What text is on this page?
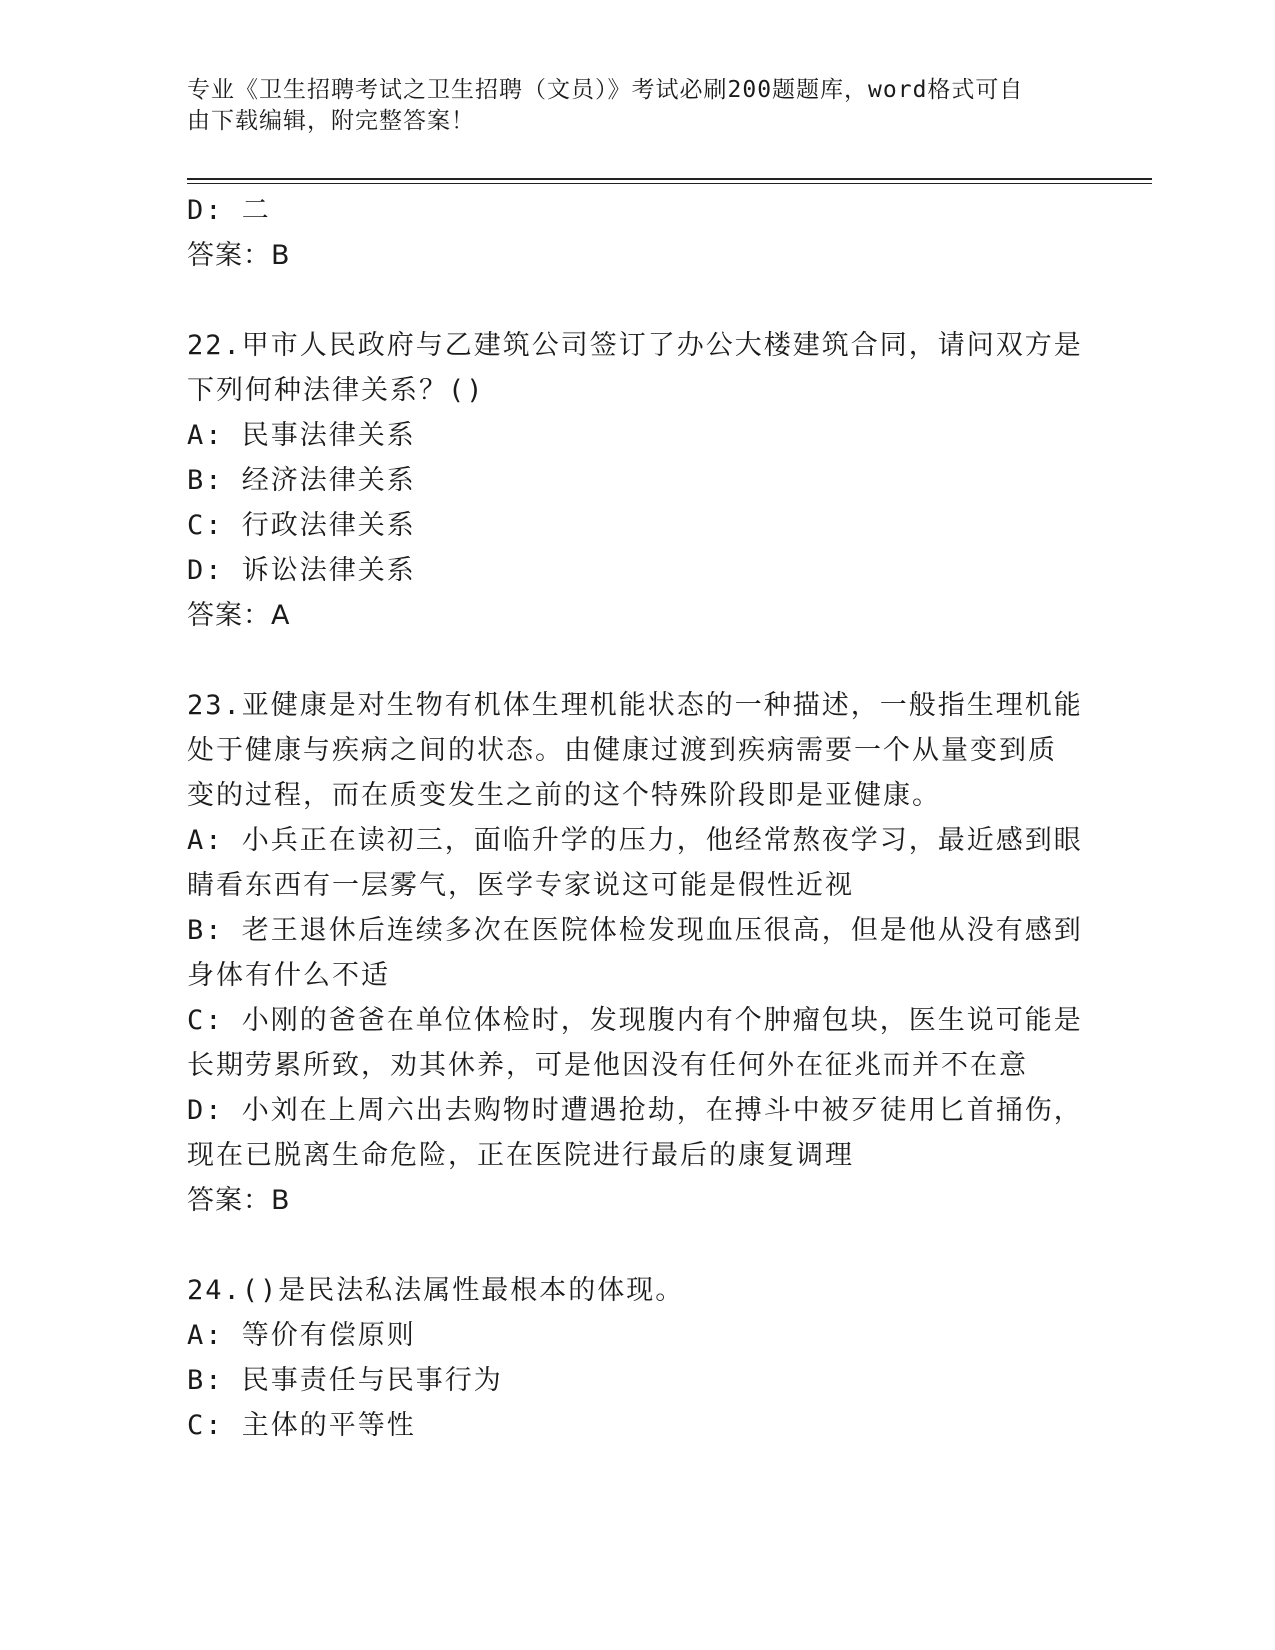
专业《卫生招聘考试之卫生招聘（文员）》考试必刷200题题库，word格式可自
由下载编辑，附完整答案！
D: 二
答案：B
22.甲市人民政府与乙建筑公司签订了办公大楼建筑合同，请问双方是
下列何种法律关系？()
A: 民事法律关系
B: 经济法律关系
C: 行政法律关系
D: 诉讼法律关系
答案：A
23.亚健康是对生物有机体生理机能状态的一种描述，一般指生理机能
处于健康与疾病之间的状态。由健康过渡到疾病需要一个从量变到质
变的过程，而在质变发生之前的这个特殊阶段即是亚健康。
A: 小兵正在读初三，面临升学的压力，他经常熬夜学习，最近感到眼
睛看东西有一层雾气，医学专家说这可能是假性近视
B: 老王退休后连续多次在医院体检发现血压很高，但是他从没有感到
身体有什么不适
C: 小刚的爸爸在单位体检时，发现腹内有个肿瘤包块，医生说可能是
长期劳累所致，劝其休养，可是他因没有任何外在征兆而并不在意
D: 小刘在上周六出去购物时遭遇抢劫，在搏斗中被歹徒用匕首捅伤，
现在已脱离生命危险，正在医院进行最后的康复调理
答案：B
24.()是民法私法属性最根本的体现。
A: 等价有偿原则
B: 民事责任与民事行为
C: 主体的平等性
